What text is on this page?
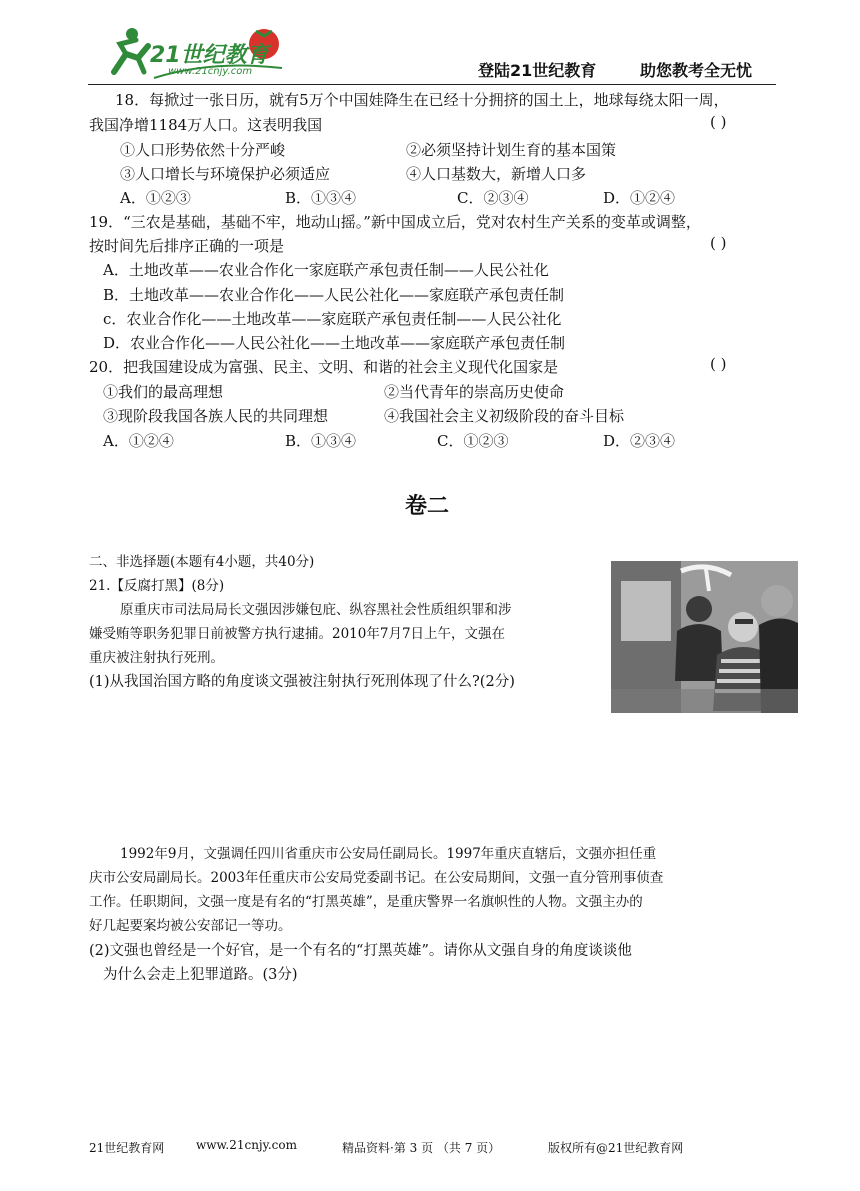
21世纪教育
www.21cnjy.com	登陆21世纪教育	助您教考全无忧
18．每掀过一张日历，就有5万个中国娃降生在已经十分拥挤的国土上，地球每绕太阳一周，
我国净增1184万人口。这表明我国	( )
①人口形势依然十分严峻	②必须坚持计划生育的基本国策
③人口增长与环境保护必须适应	④人口基数大，新增人口多
A．①②③	B．①③④	C．②③④	D．①②④
19．“三农是基础，基础不牢，地动山摇。”新中国成立后，党对农村生产关系的变革或调整，
按时间先后排序正确的一项是	( )
A．土地改革——农业合作化一家庭联产承包责任制——人民公社化
B．土地改革——农业合作化——人民公社化——家庭联产承包责任制
c．农业合作化——土地改革——家庭联产承包责任制——人民公社化
D．农业合作化——人民公社化——土地改革——家庭联产承包责任制
20．把我国建设成为富强、民主、文明、和谐的社会主义现代化国家是	( )
①我们的最高理想	②当代青年的崇高历史使命
③现阶段我国各族人民的共同理想	④我国社会主义初级阶段的奋斗目标
A．①②④	B．①③④	C．①②③	D．②③④
卷二
二、非选择题(本题有4小题，共40分)
21.【反腐打黑】(8分)
原重庆市司法局局长文强因涉嫌包庇、纵容黑社会性质组织罪和涉
嫌受贿等职务犯罪日前被警方执行逮捕。2010年7月7日上午，文强在
重庆被注射执行死刑。
(1)从我国治国方略的角度谈文强被注射执行死刑体现了什么?(2分)
1992年9月，文强调任四川省重庆市公安局任副局长。1997年重庆直辖后，文强亦担任重
庆市公安局副局长。2003年任重庆市公安局党委副书记。在公安局期间，文强一直分管刑事侦查
工作。任职期间，文强一度是有名的“打黑英雄”，是重庆警界一名旗帜性的人物。文强主办的
好几起要案均被公安部记一等功。
(2)文强也曾经是一个好官，是一个有名的“打黑英雄”。请你从文强自身的角度谈谈他
为什么会走上犯罪道路。(3分)
21世纪教育网	www.21cnjy.com	精品资料·第 3 页 （共 7 页）	版权所有@21世纪教育网
